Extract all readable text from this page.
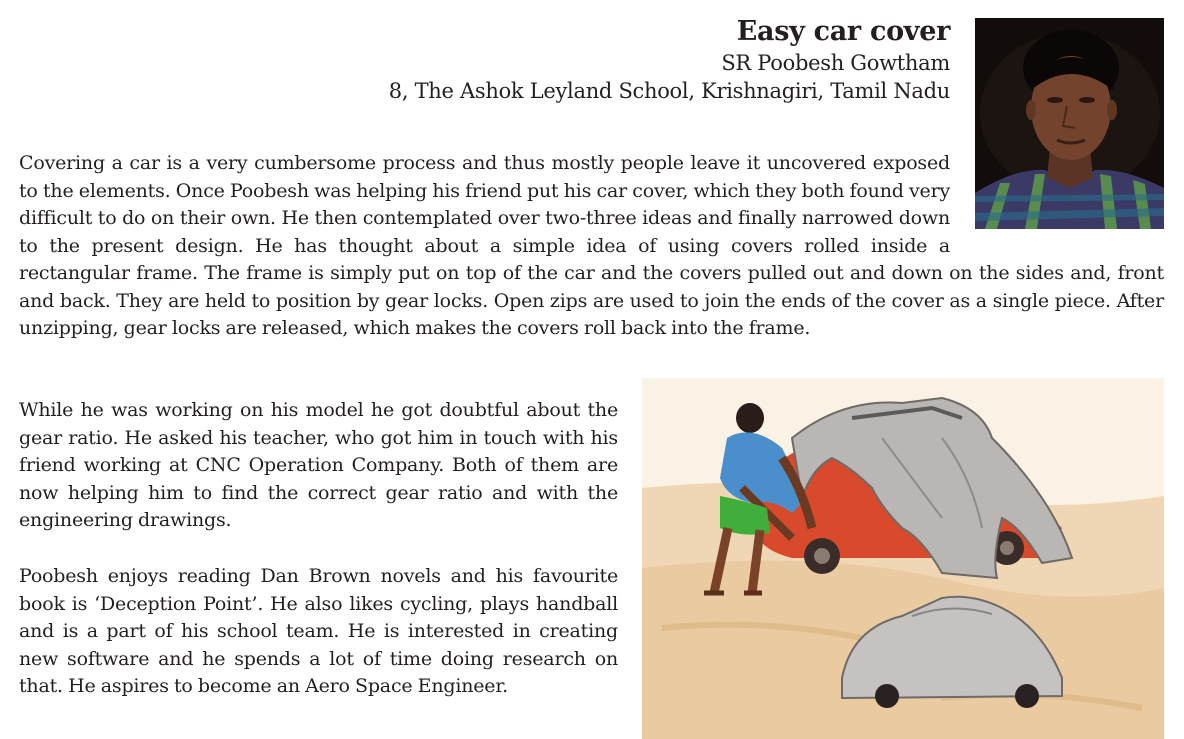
Easy car cover
SR Poobesh Gowtham
8, The Ashok Leyland School, Krishnagiri, Tamil Nadu

Covering a car is a very cumbersome process and thus mostly people leave it uncovered exposed to the elements. Once Poobesh was helping his friend put his car cover, which they both found very difficult to do on their own. He then contemplated over two-three ideas and finally narrowed down to the present design. He has thought about a simple idea of using covers rolled inside a rectangular frame. The frame is simply put on top of the car and the covers pulled out and down on the sides and, front and back. They are held to position by gear locks. Open zips are used to join the ends of the cover as a single piece. After unzipping, gear locks are released, which makes the covers roll back into the frame.

While he was working on his model he got doubtful about the gear ratio. He asked his teacher, who got him in touch with his friend working at CNC Operation Company. Both of them are now helping him to find the correct gear ratio and with the engineering drawings.

Poobesh enjoys reading Dan Brown novels and his favourite book is ‘Deception Point’. He also likes cycling, plays handball and is a part of his school team. He is interested in creating new software and he spends a lot of time doing research on that. He aspires to become an Aero Space Engineer.
